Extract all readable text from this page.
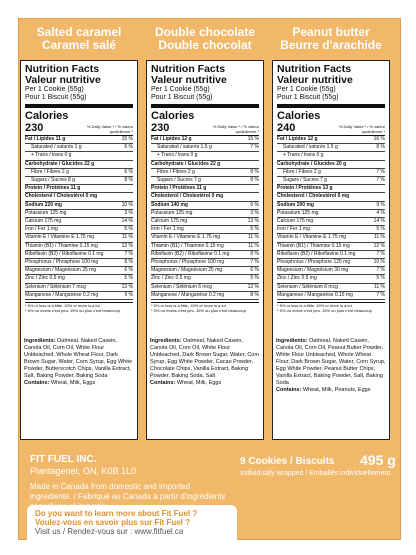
Salted caramel
Caramel salé
Double chocolate
Double chocolat
Peanut butter
Beurre d'arachide
Nutrition Facts
Valeur nutritive
Per 1 Cookie (55g)
Pour 1 Biscuit (55g)
Calories 230	% Daily Value * / % valeur quotidienne *
Fat / Lipides 11 g	15 %
Saturated / saturés 1 g	6 %
+ Trans / trans 0 g
Carbohydrate / Glucides 22 g
Fibre / Fibres 2 g	6 %
Sugars / Sucres 8 g	8 %
Protein / Protéines 11 g
Cholesterol / Cholestérol 0 mg
Sodium 220 mg	10 %
Potassium 125 mg	3 %
Calcium 175 mg	14 %
Iron / Fer 1 mg	5 %
Vitamin E / Vitamine E 1.75 mg	11 %
Thiamin (B1) / Thiamine 0.15 mg	12 %
Riboflavin (B2) / Riboflavine 0.1 mg	7 %
Phosphorus / Phosphore 100 mg	8 %
Magnesium / Magnésium 25 mg	6 %
Zinc / Zinc 0.5 mg	5 %
Selenium / Sélénium 7 mcg	12 %
Manganese / Manganèse 0.2 mg	9 %
* 5% or less is a little, 15% or more is a lot
* 5% ou moins c'est peu, 15% ou plus c'est beaucoup
Nutrition Facts
Valeur nutritive
Per 1 Cookie (55g)
Pour 1 Biscuit (55g)
Calories 230	% Daily Value * / % valeur quotidienne *
Fat / Lipides 12 g	15 %
Saturated / saturés 1.5 g	7 %
+ Trans / trans 0 g
Carbohydrate / Glucides 22 g
Fibre / Fibres 2 g	8 %
Sugars / Sucres 7 g	8 %
Protein / Protéines 11 g
Cholesterol / Cholestérol 0 mg
Sodium 140 mg	6 %
Potassium 125 mg	3 %
Calcium 175 mg	13 %
Iron / Fer 1 mg	5 %
Vitamin E / Vitamine E 1.75 mg	11 %
Thiamin (B1) / Thiamine 0.15 mg	11 %
Riboflavin (B2) / Riboflavine 0.1 mg	8 %
Phosphorus / Phosphore 100 mg	7 %
Magnesium / Magnésium 25 mg	6 %
Zinc / Zinc 0.5 mg	5 %
Selenium / Sélénium 6 mcg	12 %
Manganese / Manganèse 0.2 mg	8 %
* 5% or less is a little, 15% or more is a lot
* 5% ou moins c'est peu, 15% ou plus c'est beaucoup
Nutrition Facts
Valeur nutritive
Per 1 Cookie (55g)
Pour 1 Biscuit (55g)
Calories 240	% Daily Value * / % valeur quotidienne *
Fat / Lipides 12 g	16 %
Saturated / saturés 1.5 g	8 %
+ Trans / trans 0 g
Carbohydrate / Glucides 20 g
Fibre / Fibres 2 g	7 %
Sugars / Sucres 7 g	7 %
Protein / Protéines 13 g
Cholesterol / Cholestérol 0 mg
Sodium 200 mg	9 %
Potassium 125 mg	4 %
Calcium 175 mg	14 %
Iron / Fer 1 mg	5 %
Vitamin E / Vitamine E 1.75 mg	11 %
Thiamin (B1) / Thiamine 0.15 mg	12 %
Riboflavin (B2) / Riboflavine 0.1 mg	7 %
Phosphorus / Phosphore 125 mg	10 %
Magnesium / Magnésium 30 mg	7 %
Zinc / Zinc 0.5 mg	5 %
Selenium / Sélénium 6 mcg	11 %
Manganese / Manganèse 0.15 mg	7 %
* 5% or less is a little, 15% or more is a lot
* 5% ou moins c'est peu, 15% ou plus c'est beaucoup
FIT FUEL INC.
Plantagenet, ON, K0B 1L0
Made in Canada from domestic and imported ingredients. / Fabriqué au Canada à partir d'ingrédients
9 Cookies / Biscuits
Individually wrapped / Emballés individuellement
495 g
Do you want to learn more about Fit Fuel ?
Voulez-vous en savoir plus sur Fit Fuel ?
Visit us / Rendez-vous sur : www.fitfuel.ca
Ingredients: Oatmeal, Naked Casein, Canola Oil, Corn Oil, White Flour Unbleached, Whole Wheat Flour, Dark Brown Sugar, Water, Corn Syrup, Egg White Powder, Butterscotch Chips, Vanilla Extract, Salt, Baking Powder, Baking Soda
Contains: Wheat, Milk, Eggs
Ingredients: Oatmeal, Naked Casein, Canola Oil, Corn Oil, White Flour Unbleached, Dark Brown Sugar, Water, Corn Syrup, Egg White Powder, Cacao Powder, Chocolate Chips, Vanilla Extract, Baking Powder, Baking Soda, Salt
Contains: Wheat, Milk, Eggs
Ingredients: Oatmeal, Naked Casein, Canola Oil, Corn Oil, Peanut Butter Powder, White Flour Unbleached, Whole Wheat Flour, Dark Brown Sugar, Water, Corn Syrup, Egg White Powder, Peanut Butter Chips, Vanilla Extract, Baking Powder, Salt, Baking Soda
Contains: Wheat, Milk, Peanuts, Eggs
